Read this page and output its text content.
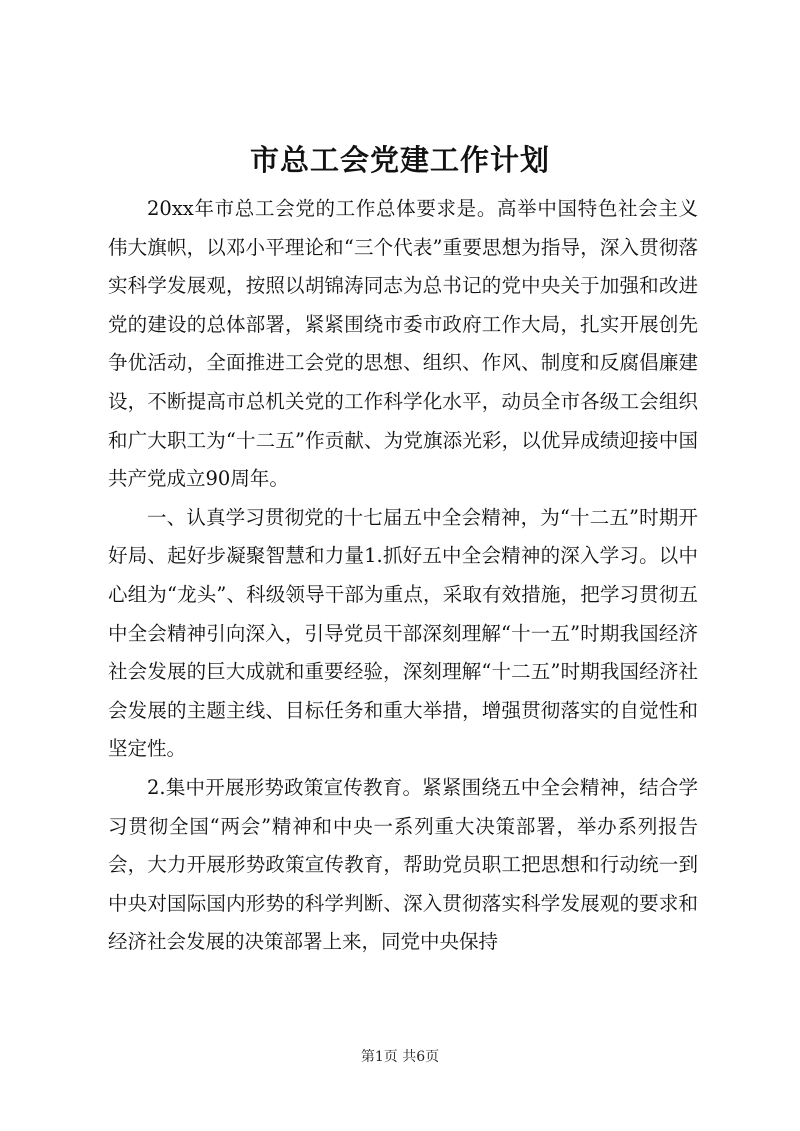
市总工会党建工作计划

20xx年市总工会党的工作总体要求是。高举中国特色社会主义伟大旗帜，以邓小平理论和“三个代表”重要思想为指导，深入贯彻落实科学发展观，按照以胡锦涛同志为总书记的党中央关于加强和改进党的建设的总体部署，紧紧围绕市委市政府工作大局，扎实开展创先争优活动，全面推进工会党的思想、组织、作风、制度和反腐倡廉建设，不断提高市总机关党的工作科学化水平，动员全市各级工会组织和广大职工为“十二五”作贡献、为党旗添光彩，以优异成绩迎接中国共产党成立90周年。

一、认真学习贯彻党的十七届五中全会精神，为“十二五”时期开好局、起好步凝聚智慧和力量1.抓好五中全会精神的深入学习。以中心组为“龙头”、科级领导干部为重点，采取有效措施，把学习贯彻五中全会精神引向深入，引导党员干部深刻理解“十一五”时期我国经济社会发展的巨大成就和重要经验，深刻理解“十二五”时期我国经济社会发展的主题主线、目标任务和重大举措，增强贯彻落实的自觉性和坚定性。

2.集中开展形势政策宣传教育。紧紧围绕五中全会精神，结合学习贯彻全国“两会”精神和中央一系列重大决策部署，举办系列报告会，大力开展形势政策宣传教育，帮助党员职工把思想和行动统一到中央对国际国内形势的科学判断、深入贯彻落实科学发展观的要求和经济社会发展的决策部署上来，同党中央保持

第1页 共6页
